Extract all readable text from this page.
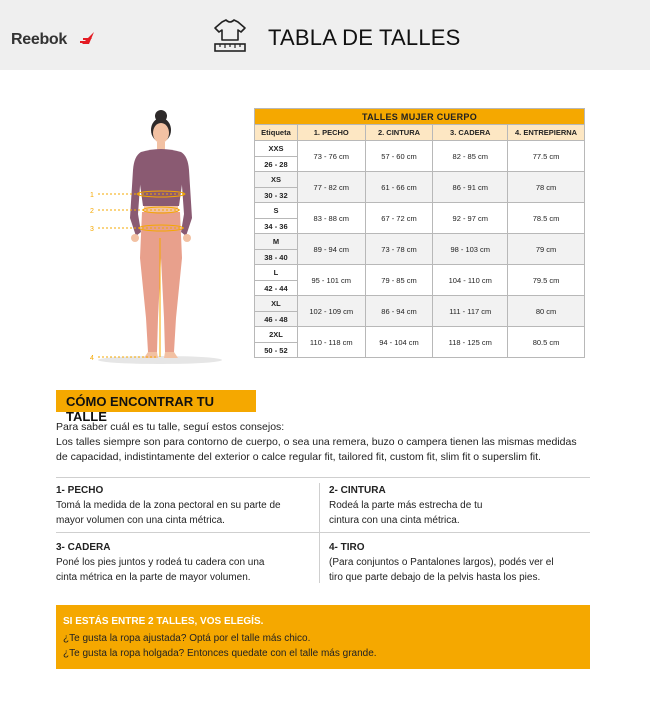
Reebok	TABLA DE TALLES
1
2
3
4
TALLES MUJER CUERPO				
Etiqueta	1. PECHO	2. CINTURA	3. CADERA	4. ENTREPIERNA
XXS	73 - 76 cm	57 - 60 cm	82 - 85 cm	77.5 cm
26 - 28				
XS	77 - 82 cm	61 - 66 cm	86 - 91 cm	78 cm
30 - 32				
S	83 - 88 cm	67 - 72 cm	92 - 97 cm	78.5 cm
34 - 36				
M	89 - 94 cm	73 - 78 cm	98 - 103 cm	79 cm
38 - 40				
L	95 - 101 cm	79 - 85 cm	104 - 110 cm	79.5 cm
42 - 44				
XL	102 - 109 cm	86 - 94 cm	111 - 117 cm	80 cm
46 - 48				
2XL	110 - 118 cm	94 - 104 cm	118 - 125 cm	80.5 cm
50 - 52				
CÓMO ENCONTRAR TU TALLE
Para saber cuál es tu talle, seguí estos consejos:
Los talles siempre son para contorno de cuerpo, o sea una remera, buzo o campera tienen las mismas medidas
de capacidad, indistintamente del exterior o calce regular fit, tailored fit, custom fit, slim fit o superslim fit.
1- PECHO
Tomá la medida de la zona pectoral en su parte de
mayor volumen con una cinta métrica.
2- CINTURA
Rodeá la parte más estrecha de tu
cintura con una cinta métrica.
3- CADERA
Poné los pies juntos y rodeá tu cadera con una
cinta métrica en la parte de mayor volumen.
4- TIRO
(Para conjuntos o Pantalones largos), podés ver el
tiro que parte debajo de la pelvis hasta los pies.
SI ESTÁS ENTRE 2 TALLES, VOS ELEGÍS.
¿Te gusta la ropa ajustada? Optá por el talle más chico.
¿Te gusta la ropa holgada? Entonces quedate con el talle más grande.
